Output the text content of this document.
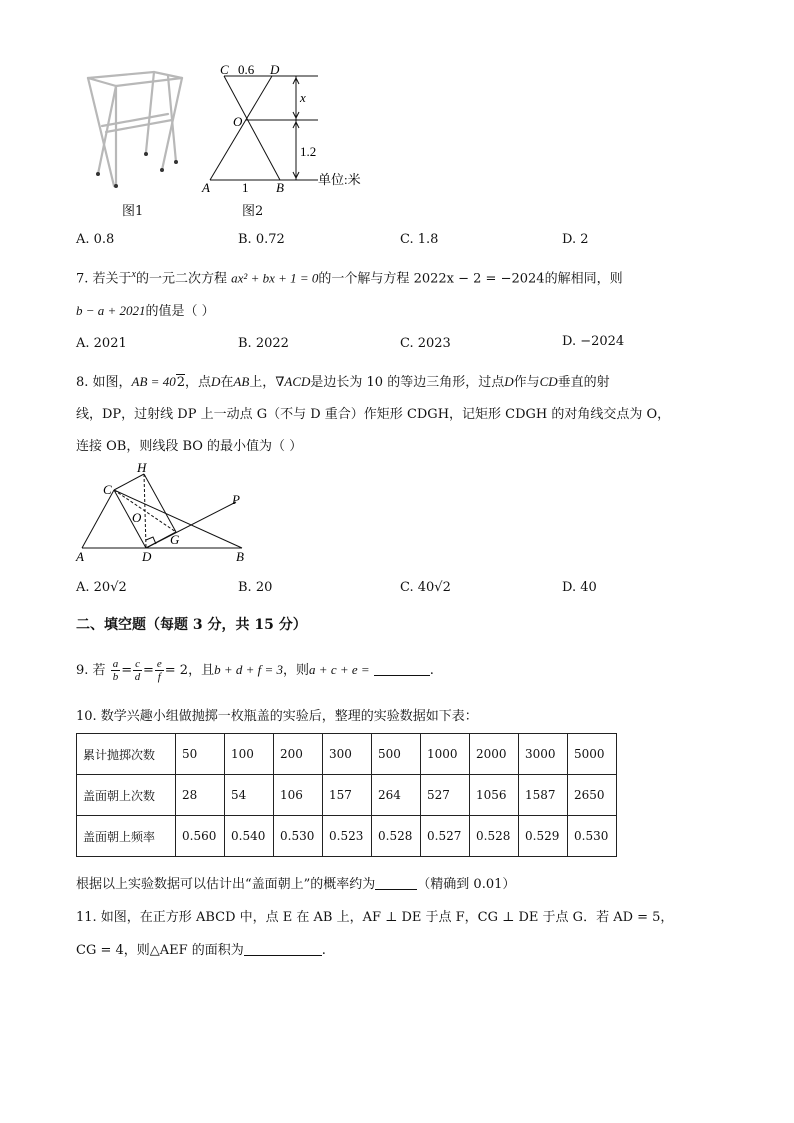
图1
C 0.6 D
O
x
1.2
A 1 B
单位:米
图2
A. 0.8	B. 0.72	C. 1.8	D. 2
7. 若关于$^x$的一元二次方程 ax² + bx + 1 = 0的一个解与方程 2022x − 2 = −2024的解相同，则
b − a + 2021的值是（ ）
A. 2021	B. 2022	C. 2023	D. −2024
8. 如图，AB = 402，点D在AB上，∇ACD是边长为 10 的等边三角形，过点D作与CD垂直的射
线，DP，过射线 DP 上一动点 G（不与 D 重合）作矩形 CDGH，记矩形 CDGH 的对角线交点为 O，
连接 OB，则线段 BO 的最小值为（ ）
H
C
O
G
P
A	D	B
A. 20√2	B. 20	C. 40√2	D. 40
二、填空题（每题 3 分，共 15 分）
9. 若 $\frac{a}{b} = \frac{c}{d} = \frac{e}{f} = 2$，且b + d + f = 3，则a + c + e =	.
10. 数学兴趣小组做抛掷一枚瓶盖的实验后，整理的实验数据如下表：
累计抛掷次数	50	100	200	300	500	1000	2000	3000	5000
盖面朝上次数	28	54	106	157	264	527	1056	1587	2650
盖面朝上频率	0.560	0.540	0.530	0.523	0.528	0.527	0.528	0.529	0.530
根据以上实验数据可以估计出“盖面朝上”的概率约为	（精确到 0.01）
11. 如图，在正方形 ABCD 中，点 E 在 AB 上，AF ⊥ DE 于点 F，CG ⊥ DE 于点 G．若 AD = 5，
CG = 4，则△AEF 的面积为	.
